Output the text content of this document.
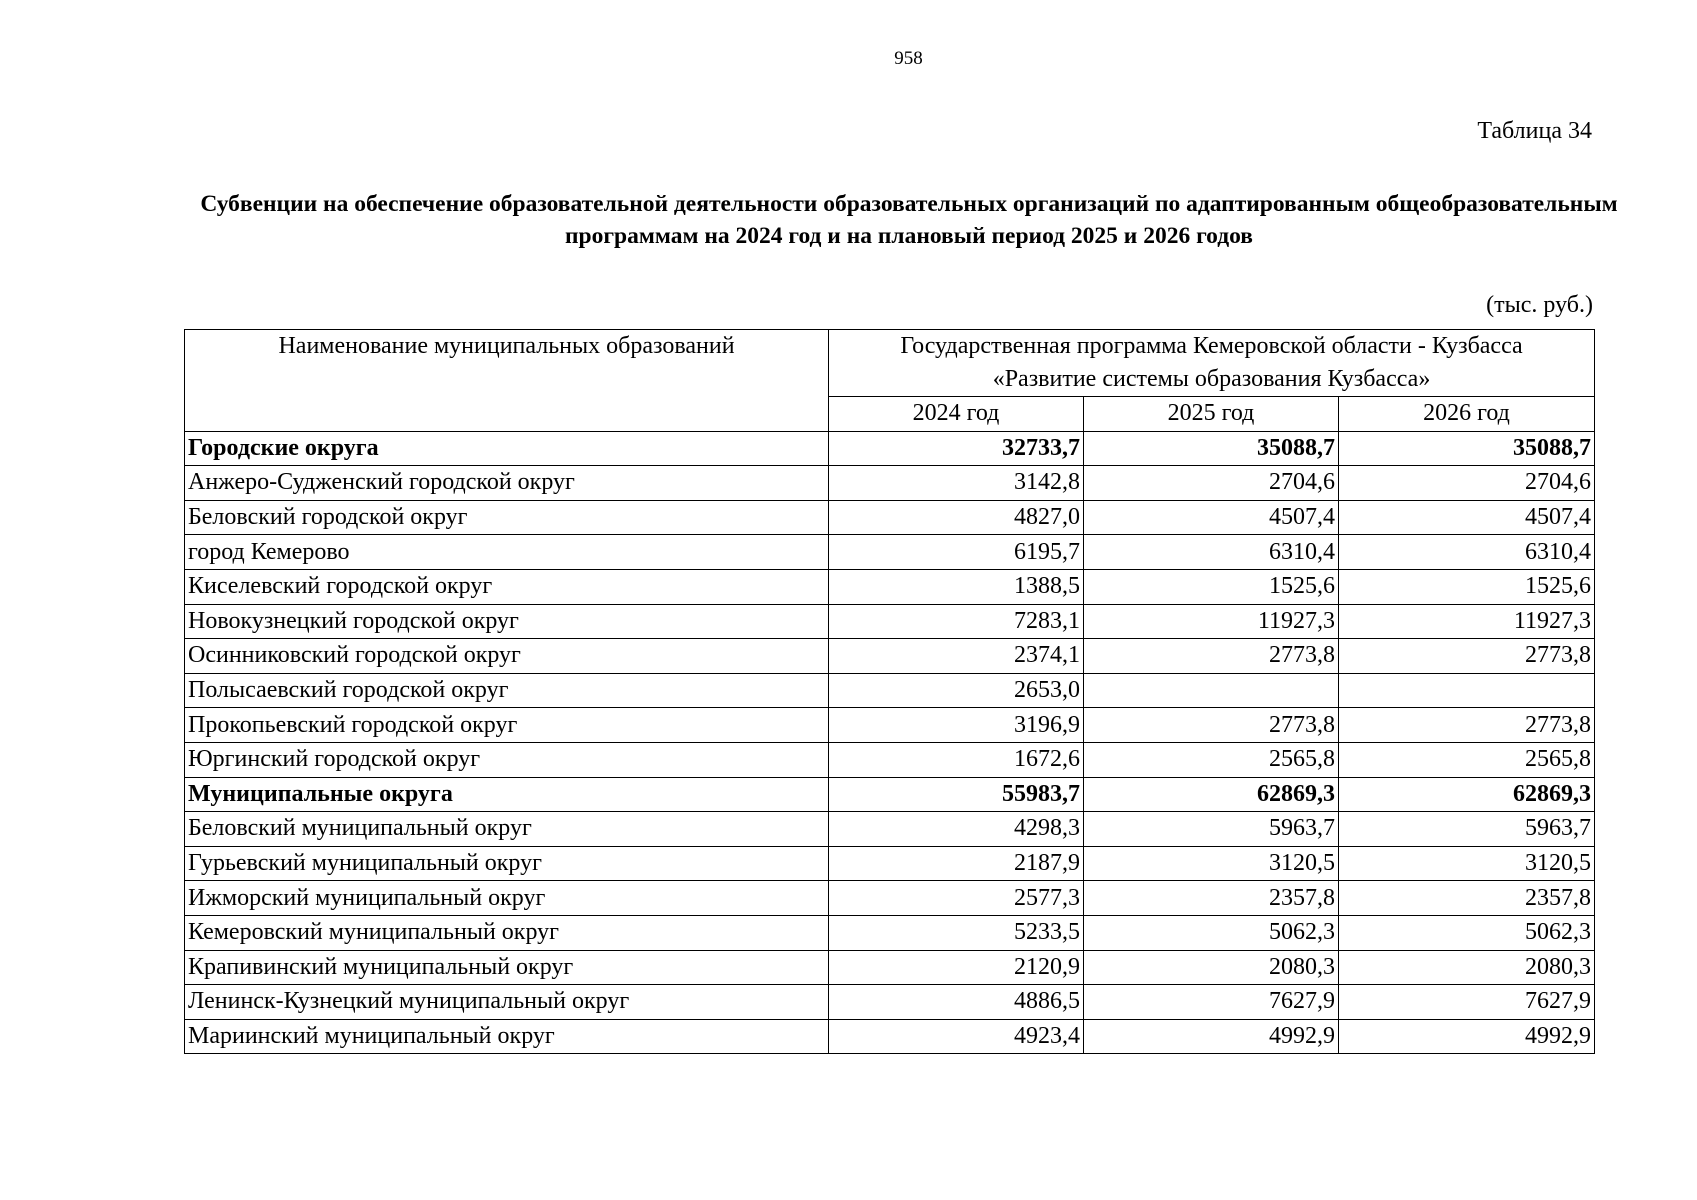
958
Таблица 34
Субвенции на обеспечение образовательной деятельности образовательных организаций по адаптированным общеобразовательным программам на 2024 год и на плановый период 2025 и 2026 годов
(тыс. руб.)
Наименование муниципальных образований	Государственная программа Кемеровской области - Кузбасса
«Развитие системы образования Кузбасса»		
	2024 год	2025 год	2026 год
Городские округа	32733,7	35088,7	35088,7
Анжеро-Судженский городской округ	3142,8	2704,6	2704,6
Беловский городской округ	4827,0	4507,4	4507,4
город Кемерово	6195,7	6310,4	6310,4
Киселевский городской округ	1388,5	1525,6	1525,6
Новокузнецкий городской округ	7283,1	11927,3	11927,3
Осинниковский городской округ	2374,1	2773,8	2773,8
Полысаевский городской округ	2653,0		
Прокопьевский городской округ	3196,9	2773,8	2773,8
Юргинский городской округ	1672,6	2565,8	2565,8
Муниципальные округа	55983,7	62869,3	62869,3
Беловский муниципальный округ	4298,3	5963,7	5963,7
Гурьевский муниципальный округ	2187,9	3120,5	3120,5
Ижморский муниципальный округ	2577,3	2357,8	2357,8
Кемеровский муниципальный округ	5233,5	5062,3	5062,3
Крапивинский муниципальный округ	2120,9	2080,3	2080,3
Ленинск-Кузнецкий муниципальный округ	4886,5	7627,9	7627,9
Мариинский муниципальный округ	4923,4	4992,9	4992,9
